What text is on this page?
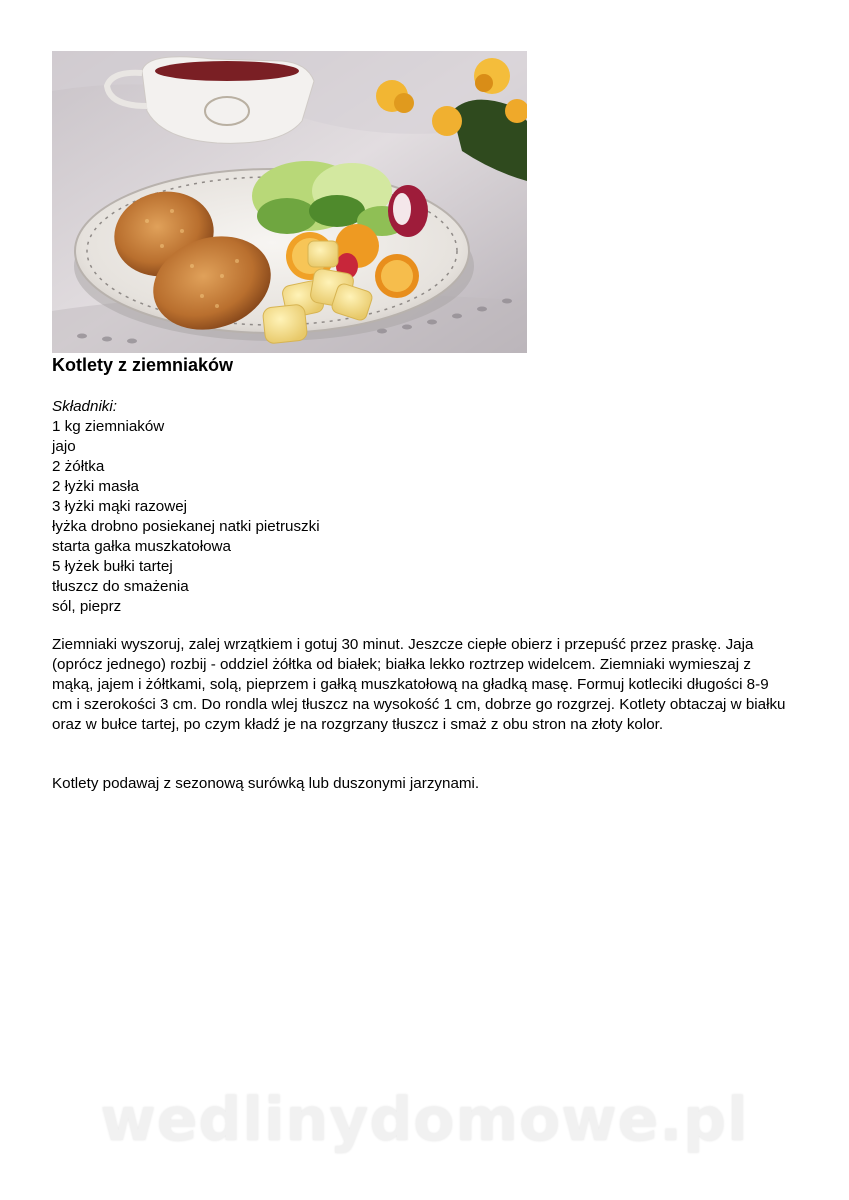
Kotlety z ziemniaków
Składniki:
1 kg ziemniaków
jajo
2 żółtka
2 łyżki masła
3 łyżki mąki razowej
łyżka drobno posiekanej natki pietruszki
starta gałka muszkatołowa
5 łyżek bułki tartej
tłuszcz do smażenia
sól, pieprz

Ziemniaki wyszoruj, zalej wrzątkiem i gotuj 30 minut. Jeszcze ciepłe obierz i przepuść przez praskę. Jaja (oprócz jednego) rozbij - oddziel żółtka od białek; białka lekko roztrzep widelcem. Ziemniaki wymieszaj z mąką, jajem i żółtkami, solą, pieprzem i gałką muszkatołową na gładką masę. Formuj kotleciki długości 8-9 cm i szerokości 3 cm. Do rondla wlej tłuszcz na wysokość 1 cm, dobrze go rozgrzej. Kotlety obtaczaj w białku oraz w bułce tartej, po czym kładź je na rozgrzany tłuszcz i smaż z obu stron na złoty kolor.

Kotlety podawaj z sezonową surówką lub duszonymi jarzynami.

wedlinydomowe.pl
